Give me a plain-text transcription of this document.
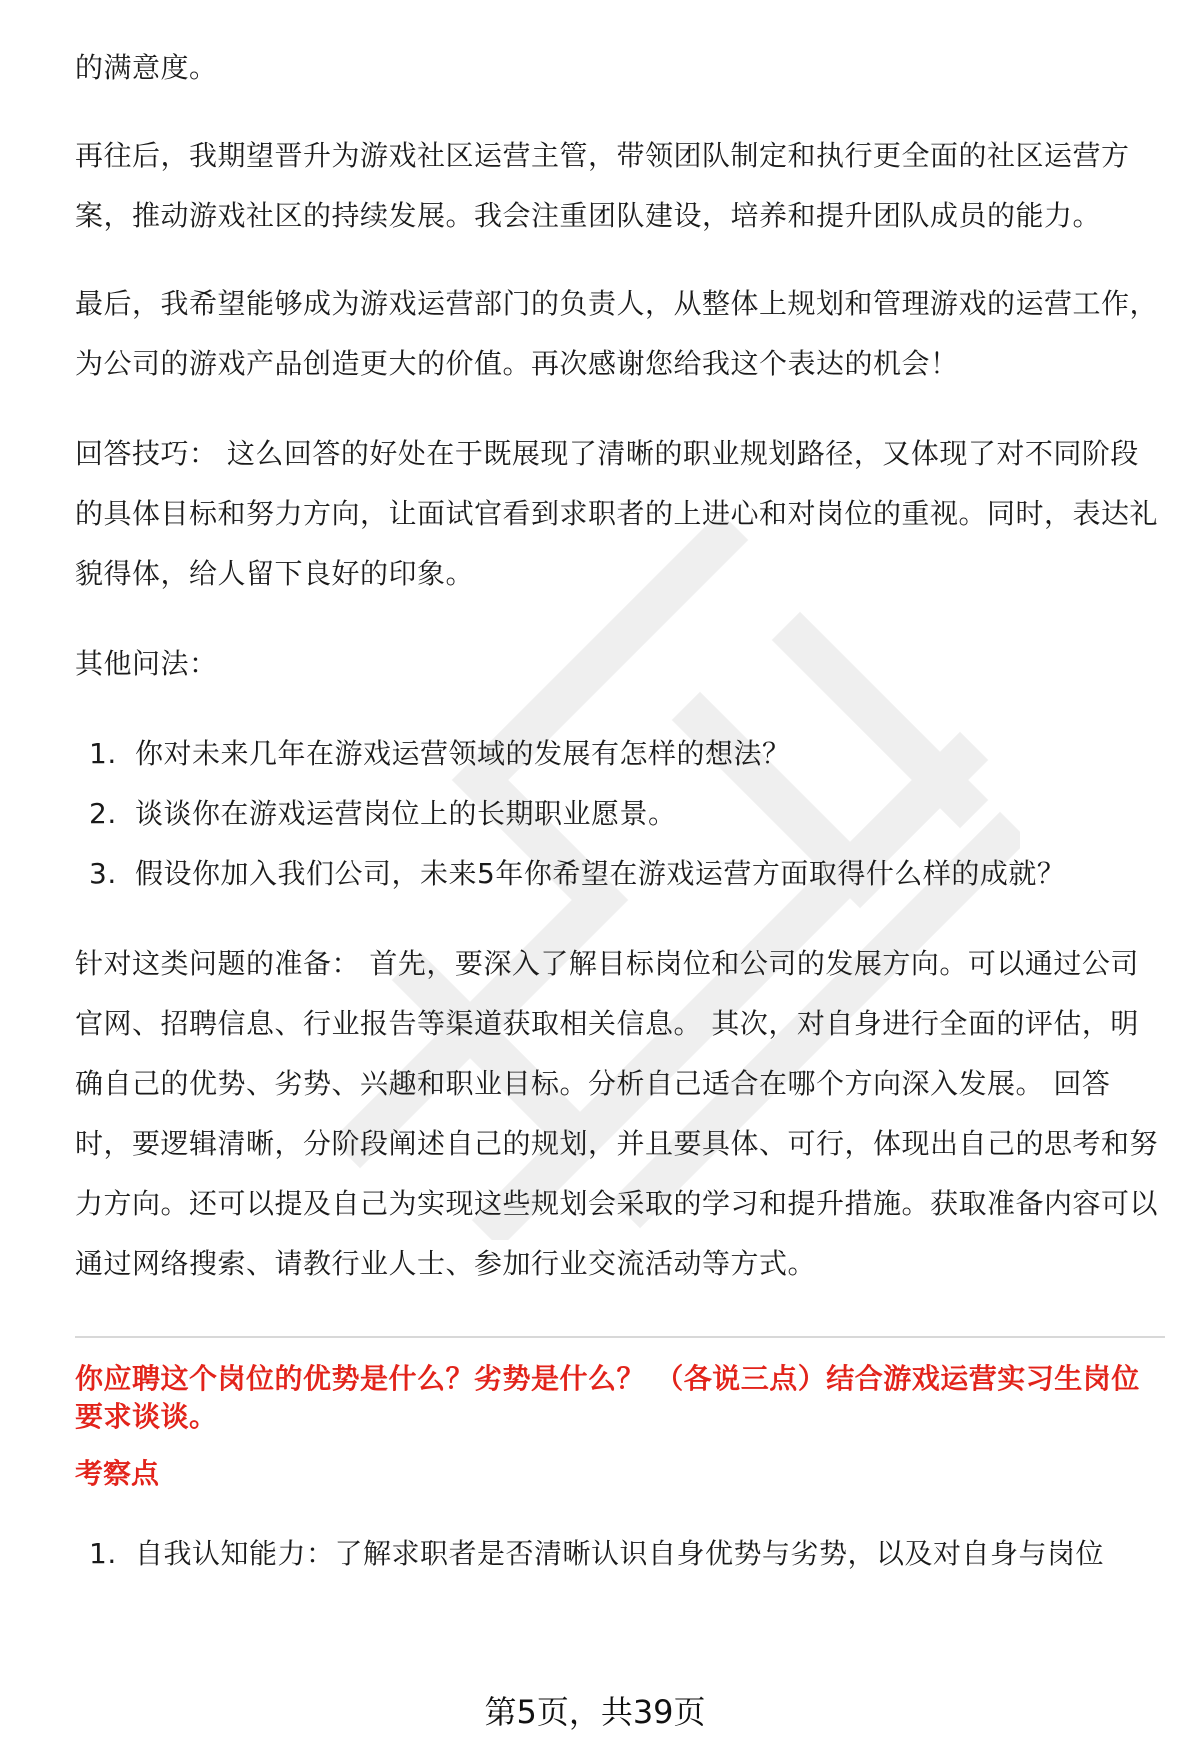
的满意度。

再往后，我期望晋升为游戏社区运营主管，带领团队制定和执行更全面的社区运营方案，推动游戏社区的持续发展。我会注重团队建设，培养和提升团队成员的能力。

最后，我希望能够成为游戏运营部门的负责人，从整体上规划和管理游戏的运营工作，为公司的游戏产品创造更大的价值。再次感谢您给我这个表达的机会！

回答技巧： 这么回答的好处在于既展现了清晰的职业规划路径，又体现了对不同阶段的具体目标和努力方向，让面试官看到求职者的上进心和对岗位的重视。同时，表达礼貌得体，给人留下良好的印象。

其他问法：

1. 你对未来几年在游戏运营领域的发展有怎样的想法？
2. 谈谈你在游戏运营岗位上的长期职业愿景。
3. 假设你加入我们公司，未来5年你希望在游戏运营方面取得什么样的成就？

针对这类问题的准备： 首先，要深入了解目标岗位和公司的发展方向。可以通过公司官网、招聘信息、行业报告等渠道获取相关信息。 其次，对自身进行全面的评估，明确自己的优势、劣势、兴趣和职业目标。分析自己适合在哪个方向深入发展。 回答时，要逻辑清晰，分阶段阐述自己的规划，并且要具体、可行，体现出自己的思考和努力方向。还可以提及自己为实现这些规划会采取的学习和提升措施。获取准备内容可以通过网络搜索、请教行业人士、参加行业交流活动等方式。

你应聘这个岗位的优势是什么？劣势是什么？ （各说三点）结合游戏运营实习生岗位要求谈谈。
考察点
1. 自我认知能力：了解求职者是否清晰认识自身优势与劣势，以及对自身与岗位
第5页，共39页
